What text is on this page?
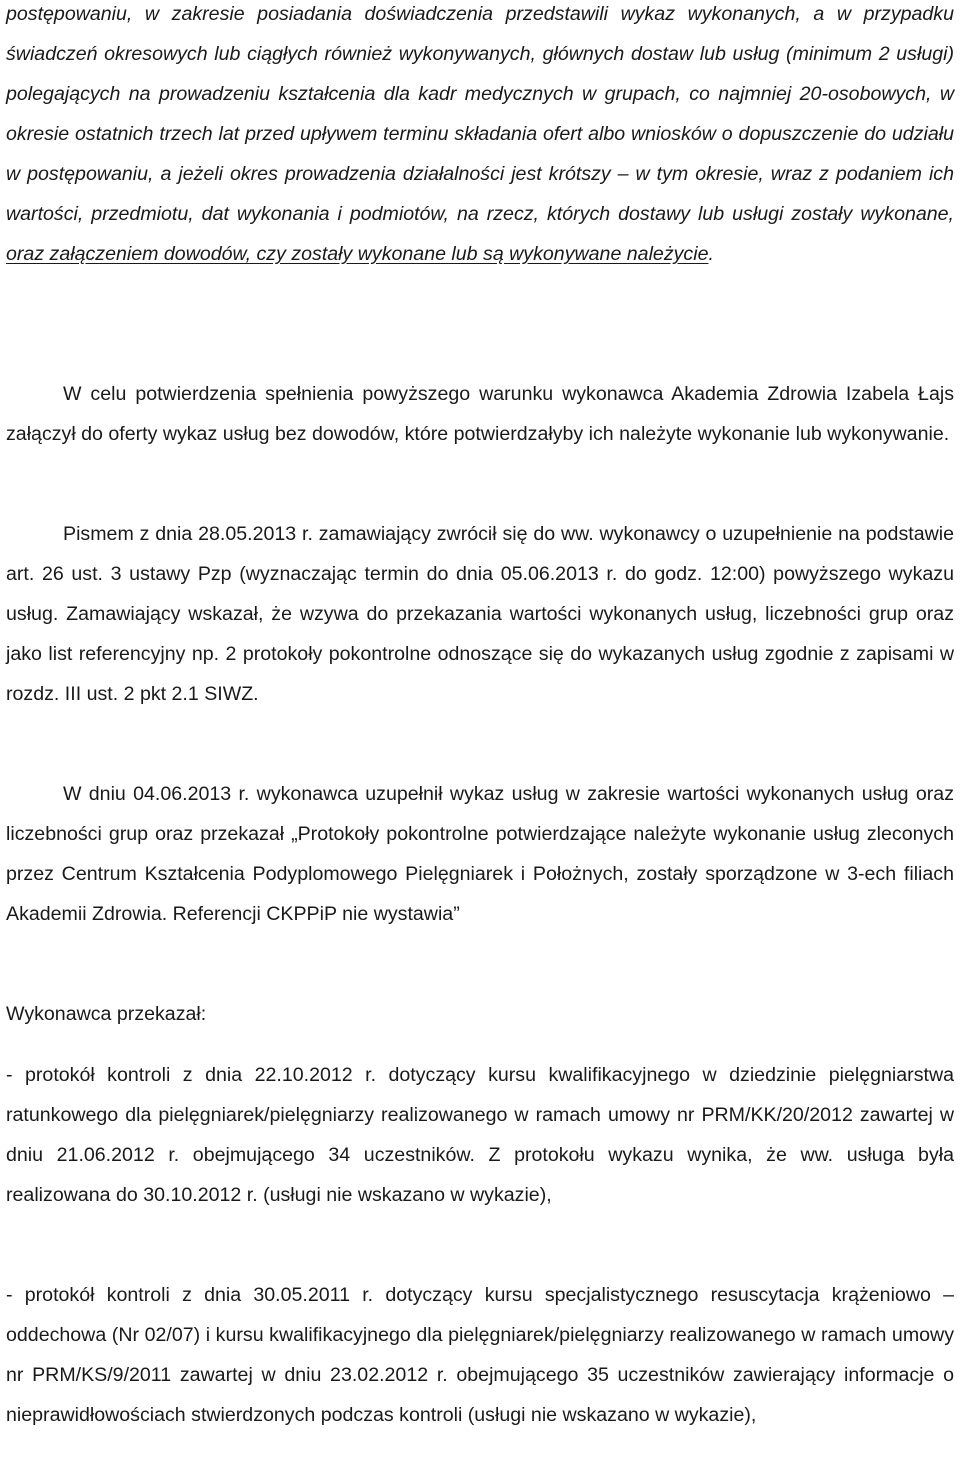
postępowaniu, w zakresie posiadania doświadczenia przedstawili wykaz wykonanych, a w przypadku świadczeń okresowych lub ciągłych również wykonywanych, głównych dostaw lub usług (minimum 2 usługi) polegających na prowadzeniu kształcenia dla kadr medycznych w grupach, co najmniej 20-osobowych, w okresie ostatnich trzech lat przed upływem terminu składania ofert albo wniosków o dopuszczenie do udziału w postępowaniu, a jeżeli okres prowadzenia działalności jest krótszy – w tym okresie, wraz z podaniem ich wartości, przedmiotu, dat wykonania i podmiotów, na rzecz, których dostawy lub usługi zostały wykonane, oraz załączeniem dowodów, czy zostały wykonane lub są wykonywane należycie.

W celu potwierdzenia spełnienia powyższego warunku wykonawca Akademia Zdrowia Izabela Łajs załączył do oferty wykaz usług bez dowodów, które potwierdzałyby ich należyte wykonanie lub wykonywanie.

Pismem z dnia 28.05.2013 r. zamawiający zwrócił się do ww. wykonawcy o uzupełnienie na podstawie art. 26 ust. 3 ustawy Pzp (wyznaczając termin do dnia 05.06.2013 r. do godz. 12:00) powyższego wykazu usług. Zamawiający wskazał, że wzywa do przekazania wartości wykonanych usług, liczebności grup oraz jako list referencyjny np. 2 protokoły pokontrolne odnoszące się do wykazanych usług zgodnie z zapisami w rozdz. III ust. 2 pkt 2.1 SIWZ.

W dniu 04.06.2013 r. wykonawca uzupełnił wykaz usług w zakresie wartości wykonanych usług oraz liczebności grup oraz przekazał „Protokoły pokontrolne potwierdzające należyte wykonanie usług zleconych przez Centrum Kształcenia Podyplomowego Pielęgniarek i Położnych, zostały sporządzone w 3-ech filiach Akademii Zdrowia. Referencji CKPPiP nie wystawia”

Wykonawca przekazał:

- protokół kontroli z dnia 22.10.2012 r. dotyczący kursu kwalifikacyjnego w dziedzinie pielęgniarstwa ratunkowego dla pielęgniarek/pielęgniarzy realizowanego w ramach umowy nr PRM/KK/20/2012 zawartej w dniu 21.06.2012 r. obejmującego 34 uczestników. Z protokołu wykazu wynika, że ww. usługa była realizowana do 30.10.2012 r. (usługi nie wskazano w wykazie),

- protokół kontroli z dnia 30.05.2011 r. dotyczący kursu specjalistycznego resuscytacja krążeniowo – oddechowa (Nr 02/07) i kursu kwalifikacyjnego dla pielęgniarek/pielęgniarzy realizowanego w ramach umowy nr PRM/KS/9/2011 zawartej w dniu 23.02.2012 r. obejmującego 35 uczestników zawierający informacje o nieprawidłowościach stwierdzonych podczas kontroli (usługi nie wskazano w wykazie),
